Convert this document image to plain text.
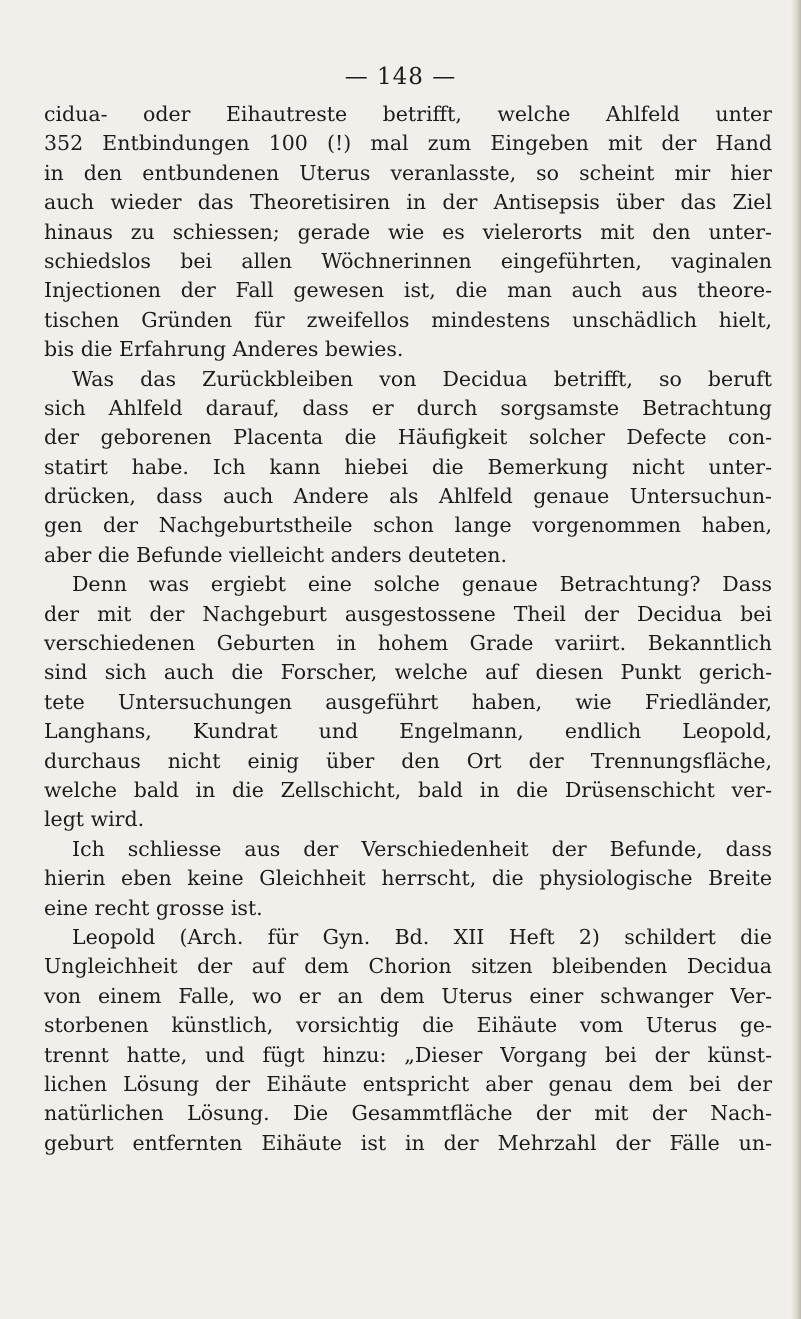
— 148 —
cidua- oder Eihautreste betrifft, welche Ahlfeld unter
352 Entbindungen 100 (!) mal zum Eingeben mit der Hand
in den entbundenen Uterus veranlasste, so scheint mir hier
auch wieder das Theoretisiren in der Antisepsis über das Ziel
hinaus zu schiessen; gerade wie es vielerorts mit den unter-
schiedslos bei allen Wöchnerinnen eingeführten, vaginalen
Injectionen der Fall gewesen ist, die man auch aus theore-
tischen Gründen für zweifellos mindestens unschädlich hielt,
bis die Erfahrung Anderes bewies.
Was das Zurückbleiben von Decidua betrifft, so beruft
sich Ahlfeld darauf, dass er durch sorgsamste Betrachtung
der geborenen Placenta die Häufigkeit solcher Defecte con-
statirt habe. Ich kann hiebei die Bemerkung nicht unter-
drücken, dass auch Andere als Ahlfeld genaue Untersuchun-
gen der Nachgeburtstheile schon lange vorgenommen haben,
aber die Befunde vielleicht anders deuteten.
Denn was ergiebt eine solche genaue Betrachtung? Dass
der mit der Nachgeburt ausgestossene Theil der Decidua bei
verschiedenen Geburten in hohem Grade variirt. Bekanntlich
sind sich auch die Forscher, welche auf diesen Punkt gerich-
tete Untersuchungen ausgeführt haben, wie Friedländer,
Langhans, Kundrat und Engelmann, endlich Leopold,
durchaus nicht einig über den Ort der Trennungsfläche,
welche bald in die Zellschicht, bald in die Drüsenschicht ver-
legt wird.
Ich schliesse aus der Verschiedenheit der Befunde, dass
hierin eben keine Gleichheit herrscht, die physiologische Breite
eine recht grosse ist.
Leopold (Arch. für Gyn. Bd. XII Heft 2) schildert die
Ungleichheit der auf dem Chorion sitzen bleibenden Decidua
von einem Falle, wo er an dem Uterus einer schwanger Ver-
storbenen künstlich, vorsichtig die Eihäute vom Uterus ge-
trennt hatte, und fügt hinzu: „Dieser Vorgang bei der künst-
lichen Lösung der Eihäute entspricht aber genau dem bei der
natürlichen Lösung. Die Gesammtfläche der mit der Nach-
geburt entfernten Eihäute ist in der Mehrzahl der Fälle un-
